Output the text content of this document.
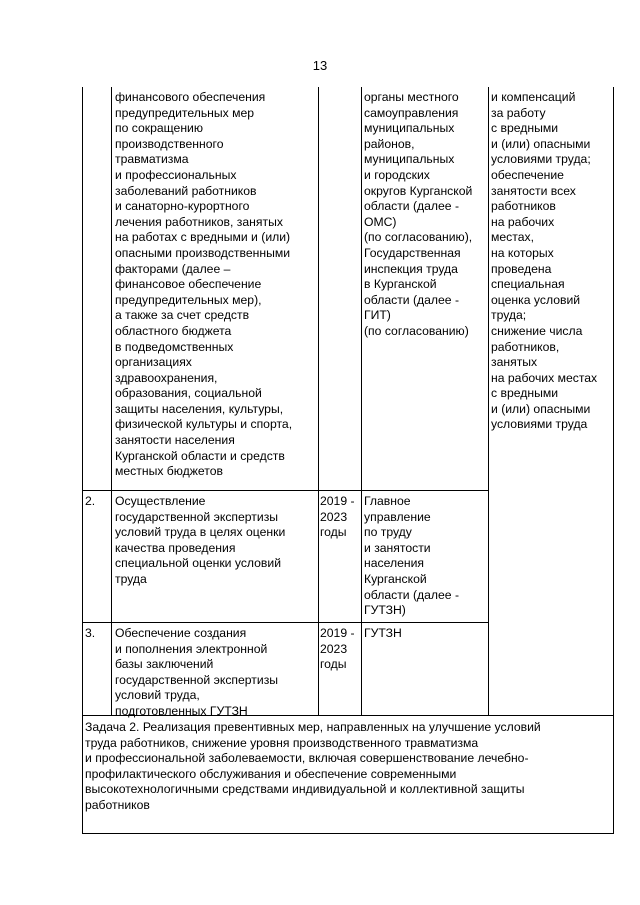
13
финансового обеспечения
предупредительных мер
по сокращению
производственного
травматизма
и профессиональных
заболеваний работников
и санаторно-курортного
лечения работников, занятых
на работах с вредными и (или)
опасными производственными
факторами (далее –
финансовое обеспечение
предупредительных мер),
а также за счет средств
областного бюджета
в подведомственных
организациях
здравоохранения,
образования, социальной
защиты населения, культуры,
физической культуры и спорта,
занятости населения
Курганской области и средств
местных бюджетов
органы местного
самоуправления
муниципальных
районов,
муниципальных
и городских
округов Курганской
области (далее -
ОМС)
(по согласованию),
Государственная
инспекция труда
в Курганской
области (далее -
ГИТ)
(по согласованию)
и компенсаций
за работу
с вредными
и (или) опасными
условиями труда;
обеспечение
занятости всех
работников
на рабочих
местах,
на которых
проведена
специальная
оценка условий
труда;
снижение числа
работников,
занятых
на рабочих местах
с вредными
и (или) опасными
условиями труда
2. Осуществление
государственной экспертизы
условий труда в целях оценки
качества проведения
специальной оценки условий
труда
2019 -
2023
годы
Главное
управление
по труду
и занятости
населения
Курганской
области (далее -
ГУТЗН)
3. Обеспечение создания
и пополнения электронной
базы заключений
государственной экспертизы
условий труда,
подготовленных ГУТЗН
2019 -
2023
годы
ГУТЗН
Задача 2. Реализация превентивных мер, направленных на улучшение условий
труда работников, снижение уровня производственного травматизма
и профессиональной заболеваемости, включая совершенствование лечебно-
профилактического обслуживания и обеспечение современными
высокотехнологичными средствами индивидуальной и коллективной защиты
работников
